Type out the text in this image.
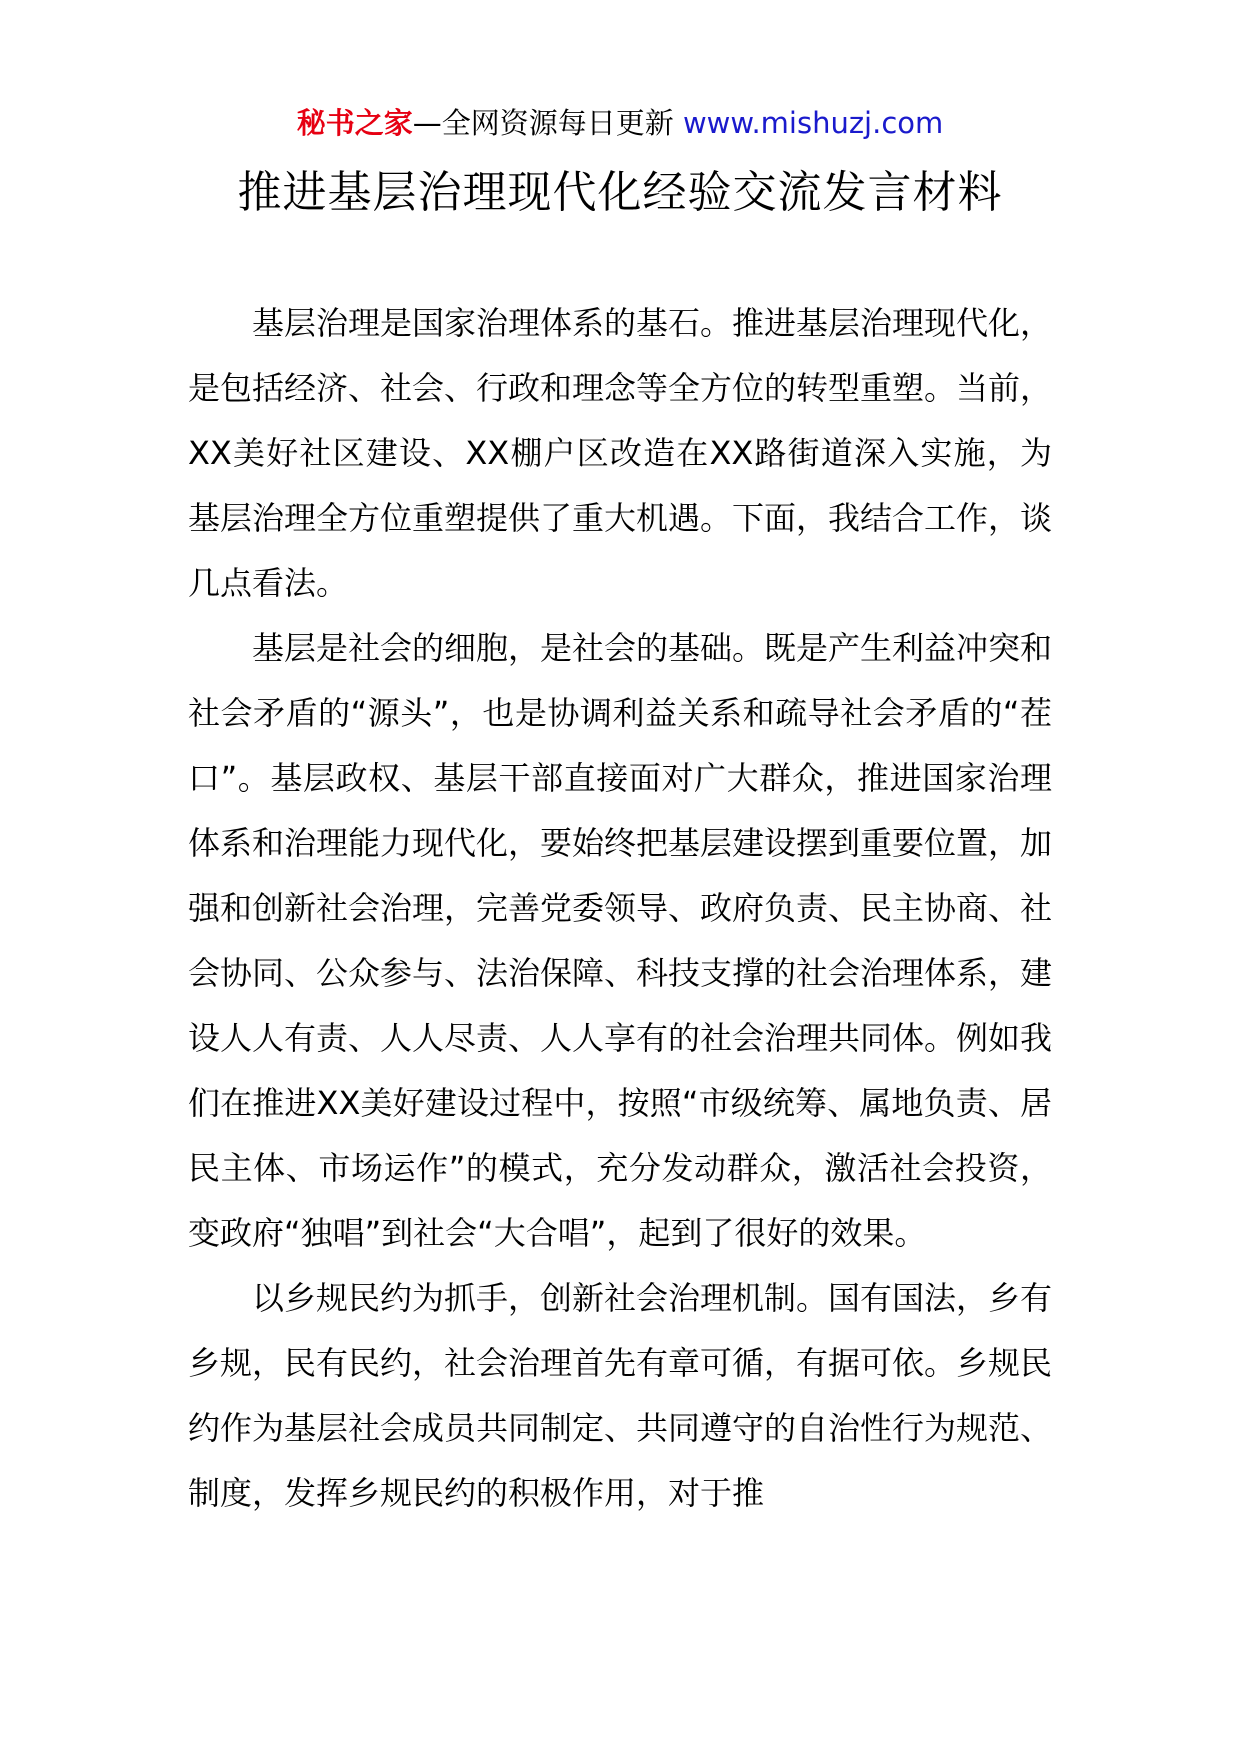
秘书之家—全网资源每日更新 www.mishuzj.com
推进基层治理现代化经验交流发言材料

基层治理是国家治理体系的基石。推进基层治理现代化，是包括经济、社会、行政和理念等全方位的转型重塑。当前，XX美好社区建设、XX棚户区改造在XX路街道深入实施，为基层治理全方位重塑提供了重大机遇。下面，我结合工作，谈几点看法。

基层是社会的细胞，是社会的基础。既是产生利益冲突和社会矛盾的“源头”，也是协调利益关系和疏导社会矛盾的“茬口”。基层政权、基层干部直接面对广大群众，推进国家治理体系和治理能力现代化，要始终把基层建设摆到重要位置，加强和创新社会治理，完善党委领导、政府负责、民主协商、社会协同、公众参与、法治保障、科技支撑的社会治理体系，建设人人有责、人人尽责、人人享有的社会治理共同体。例如我们在推进XX美好建设过程中，按照“市级统筹、属地负责、居民主体、市场运作”的模式，充分发动群众，激活社会投资，变政府“独唱”到社会“大合唱”，起到了很好的效果。

以乡规民约为抓手，创新社会治理机制。国有国法，乡有乡规，民有民约，社会治理首先有章可循，有据可依。乡规民约作为基层社会成员共同制定、共同遵守的自治性行为规范、制度，发挥乡规民约的积极作用，对于推
